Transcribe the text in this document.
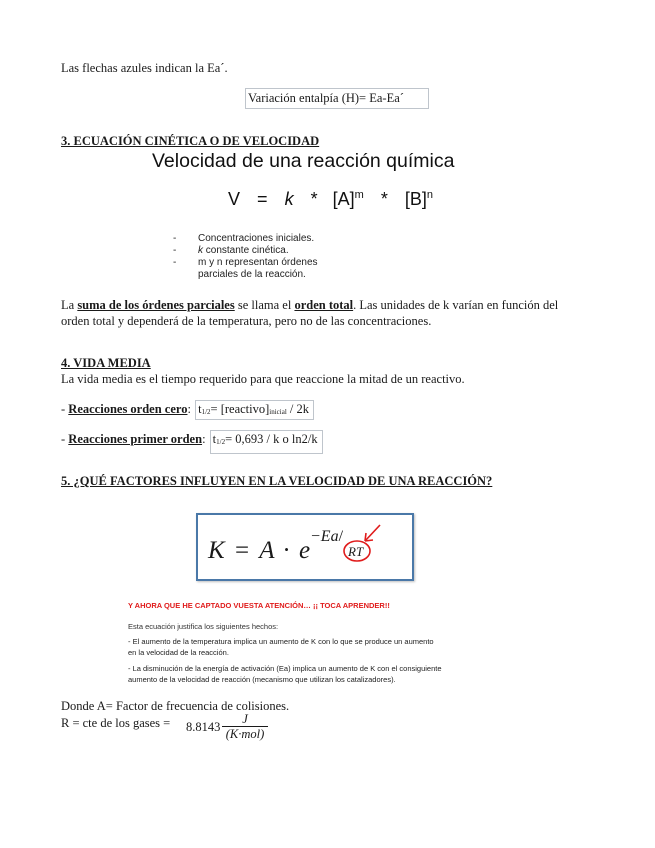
Las flechas azules indican la Ea´.
Variación entalpía (H)= Ea-Ea´
3. ECUACIÓN CINÉTICA O DE VELOCIDAD
Velocidad de una reacción química
$V = k * [A]^m * [B]^n$
- Concentraciones iniciales.
- k constante cinética.
- m y n representan órdenes
parciales de la reacción.
La suma de los órdenes parciales se llama el orden total. Las unidades de k varían en función del
orden total y dependerá de la temperatura, pero no de las concentraciones.
4. VIDA MEDIA
La vida media es el tiempo requerido para que reaccione la mitad de un reactivo.
- Reacciones orden cero: $t_{1/2}=$ $[reactivo]_{inicial} / 2k$
- Reacciones primer orden: $t_{1/2}= 0,693 / k$ o ln2/k
5. ¿QUÉ FACTORES INFLUYEN EN LA VELOCIDAD DE UNA REACCIÓN?
K = A · e
−Ea/
RT
Y AHORA QUE HE CAPTADO VUESTA ATENCIÓN… ¡¡ TOCA APRENDER!!
Esta ecuación justifica los siguientes hechos:
- El aumento de la temperatura implica un aumento de K con lo que se produce un aumento
en la velocidad de la reacción.
- La disminución de la energía de activación (Ea) implica un aumento de K con el consiguiente
aumento de la velocidad de reacción (mecanismo que utilizan los catalizadores).
Donde A= Factor de frecuencia de colisiones.
R = cte de los gases = 8.8143
J
(K·mol)
